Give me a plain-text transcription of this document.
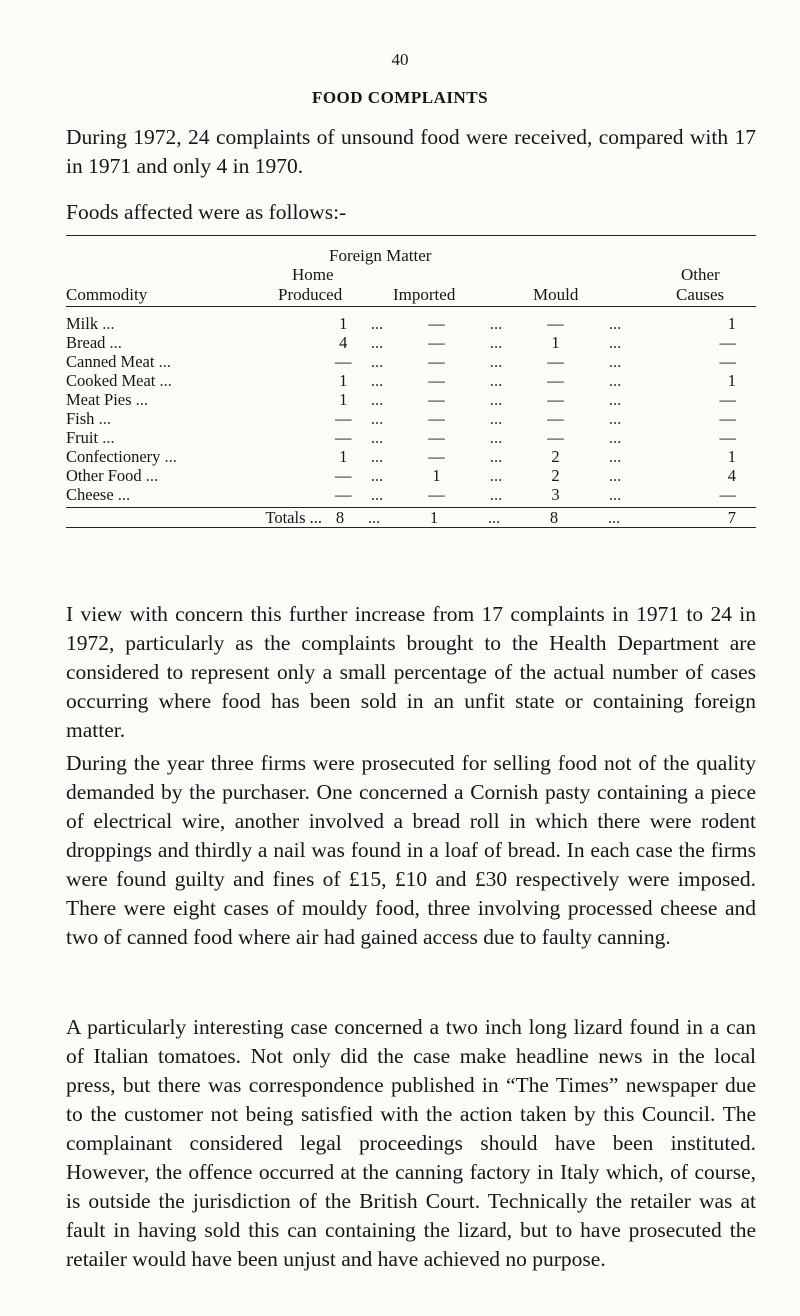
40
FOOD COMPLAINTS

During 1972, 24 complaints of unsound food were received, compared with 17 in 1971 and only 4 in 1970.

Foods affected were as follows:-
Foreign Matter
Home	Other
Commodity	Produced	Imported	Mould	Causes
Milk ...	1	...	—	...	—	...	1
Bread ...	4	...	—	...	1	...	—
Canned Meat ...	—	...	—	...	—	...	—
Cooked Meat ...	1	...	—	...	—	...	1
Meat Pies ...	1	...	—	...	—	...	—
Fish ...	—	...	—	...	—	...	—
Fruit ...	—	...	—	...	—	...	—
Confectionery ...	1	...	—	...	2	...	1
Other Food ...	—	...	1	...	2	...	4
Cheese ...	—	...	—	...	3	...	—
Totals ...	8	...	1	...	8	...	7

I view with concern this further increase from 17 complaints in 1971 to 24 in 1972, particularly as the complaints brought to the Health Department are considered to represent only a small percentage of the actual number of cases occurring where food has been sold in an unfit state or containing foreign matter.

During the year three firms were prosecuted for selling food not of the quality demanded by the purchaser. One concerned a Cornish pasty containing a piece of electrical wire, another involved a bread roll in which there were rodent droppings and thirdly a nail was found in a loaf of bread. In each case the firms were found guilty and fines of £15, £10 and £30 respectively were imposed. There were eight cases of mouldy food, three involving processed cheese and two of canned food where air had gained access due to faulty canning.

A particularly interesting case concerned a two inch long lizard found in a can of Italian tomatoes. Not only did the case make headline news in the local press, but there was correspondence published in “The Times” newspaper due to the customer not being satisfied with the action taken by this Council. The complainant considered legal proceedings should have been instituted. However, the offence occurred at the canning factory in Italy which, of course, is outside the jurisdiction of the British Court. Technically the retailer was at fault in having sold this can containing the lizard, but to have prosecuted the retailer would have been unjust and have achieved no purpose.
